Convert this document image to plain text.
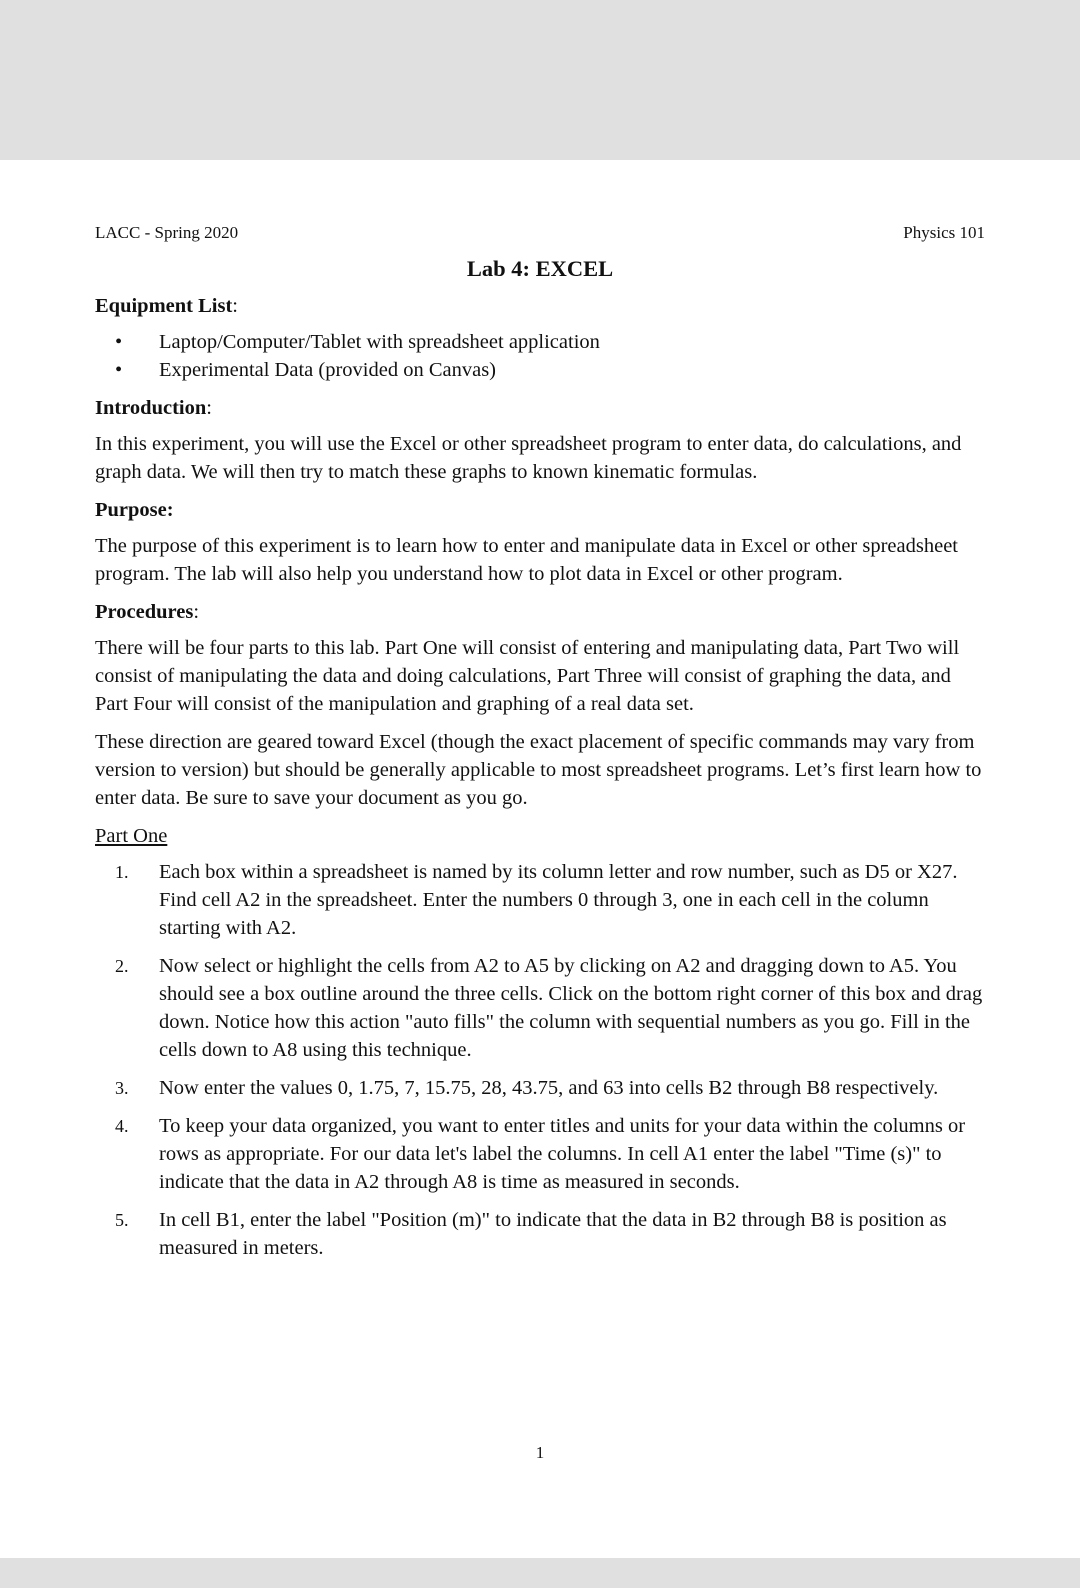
LACC - Spring 2020	Physics 101
Lab 4: EXCEL
Equipment List:
• Laptop/Computer/Tablet with spreadsheet application
• Experimental Data (provided on Canvas)
Introduction:

In this experiment, you will use the Excel or other spreadsheet program to enter data, do calculations, and graph data. We will then try to match these graphs to known kinematic formulas.

Purpose:

The purpose of this experiment is to learn how to enter and manipulate data in Excel or other spreadsheet program. The lab will also help you understand how to plot data in Excel or other program.

Procedures:

There will be four parts to this lab. Part One will consist of entering and manipulating data, Part Two will consist of manipulating the data and doing calculations, Part Three will consist of graphing the data, and Part Four will consist of the manipulation and graphing of a real data set.

These direction are geared toward Excel (though the exact placement of specific commands may vary from version to version) but should be generally applicable to most spreadsheet programs. Let’s first learn how to enter data. Be sure to save your document as you go.

Part One
1. Each box within a spreadsheet is named by its column letter and row number, such as D5 or X27. Find cell A2 in the spreadsheet. Enter the numbers 0 through 3, one in each cell in the column starting with A2.
2. Now select or highlight the cells from A2 to A5 by clicking on A2 and dragging down to A5. You should see a box outline around the three cells. Click on the bottom right corner of this box and drag down. Notice how this action "auto fills" the column with sequential numbers as you go. Fill in the cells down to A8 using this technique.
3. Now enter the values 0, 1.75, 7, 15.75, 28, 43.75, and 63 into cells B2 through B8 respectively.
4. To keep your data organized, you want to enter titles and units for your data within the columns or rows as appropriate. For our data let's label the columns. In cell A1 enter the label "Time (s)" to indicate that the data in A2 through A8 is time as measured in seconds.
5. In cell B1, enter the label "Position (m)" to indicate that the data in B2 through B8 is position as measured in meters.
1
